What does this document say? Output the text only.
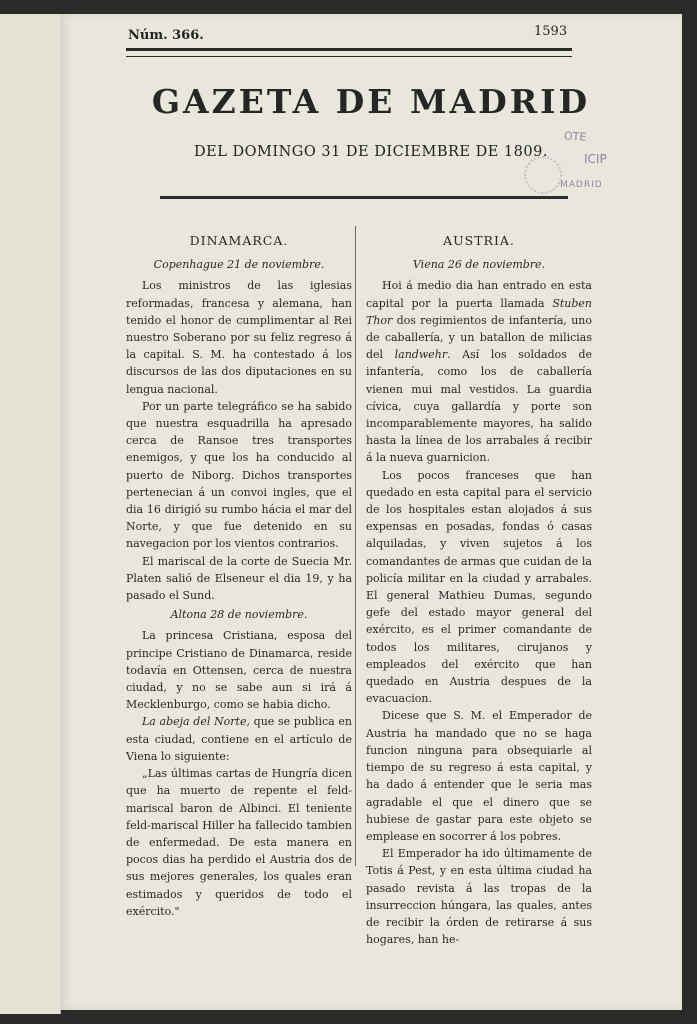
Núm. 366.	1593
GAZETA DE MADRID
DEL DOMINGO 31 DE DICIEMBRE DE 1809.
OTE
ICIP
MADRID
DINAMARCA.
Copenhague 21 de noviembre.

Los ministros de las iglesias reformadas, francesa y alemana, han tenido el honor de cumplimentar al Rei nuestro Soberano por su feliz regreso á la capital. S. M. ha contestado á los discursos de las dos diputaciones en su lengua nacional.

Por un parte telegráfico se ha sabido que nuestra esquadrilla ha apresado cerca de Ransoe tres transportes enemigos, y que los ha conducido al puerto de Niborg. Dichos transportes pertenecian á un convoi ingles, que el dia 16 dirigió su rumbo hácia el mar del Norte, y que fue detenido en su navegacion por los vientos contrarios.

El mariscal de la corte de Suecia Mr. Platen salió de Elseneur el dia 19, y ha pasado el Sund.

Altona 28 de noviembre.

La princesa Cristiana, esposa del principe Cristiano de Dinamarca, reside todavía en Ottensen, cerca de nuestra ciudad, y no se sabe aun si irá á Mecklenburgo, como se habia dicho.

La abeja del Norte, que se publica en esta ciudad, contiene en el artículo de Viena lo siguiente:

„Las últimas cartas de Hungría dicen que ha muerto de repente el feld-mariscal baron de Albinci. El teniente feld-mariscal Hiller ha fallecido tambien de enfermedad. De esta manera en pocos dias ha perdido el Austria dos de sus mejores generales, los quales eran estimados y queridos de todo el exército."

AUSTRIA.
Viena 26 de noviembre.

Hoi á medio dia han entrado en esta capital por la puerta llamada Stuben Thor dos regimientos de infantería, uno de caballería, y un batallon de milicias del landwehr. Así los soldados de infantería, como los de caballería vienen mui mal vestidos. La guardia cívica, cuya gallardía y porte son incomparablemente mayores, ha salido hasta la línea de los arrabales á recibir á la nueva guarnicion.

Los pocos franceses que han quedado en esta capital para el servicio de los hospitales estan alojados á sus expensas en posadas, fondas ó casas alquiladas, y viven sujetos á los comandantes de armas que cuidan de la policía militar en la ciudad y arrabales. El general Mathieu Dumas, segundo gefe del estado mayor general del exército, es el primer comandante de todos los militares, cirujanos y empleados del exército que han quedado en Austria despues de la evacuacion.

Dicese que S. M. el Emperador de Austria ha mandado que no se haga funcion ninguna para obsequiarle al tiempo de su regreso á esta capital, y ha dado á entender que le seria mas agradable el que el dinero que se hubiese de gastar para este objeto se emplease en socorrer á los pobres.

El Emperador ha ido últimamente de Totis á Pest, y en esta última ciudad ha pasado revista á las tropas de la insurreccion húngara, las quales, antes de recibir la órden de retirarse á sus hogares, han he-
